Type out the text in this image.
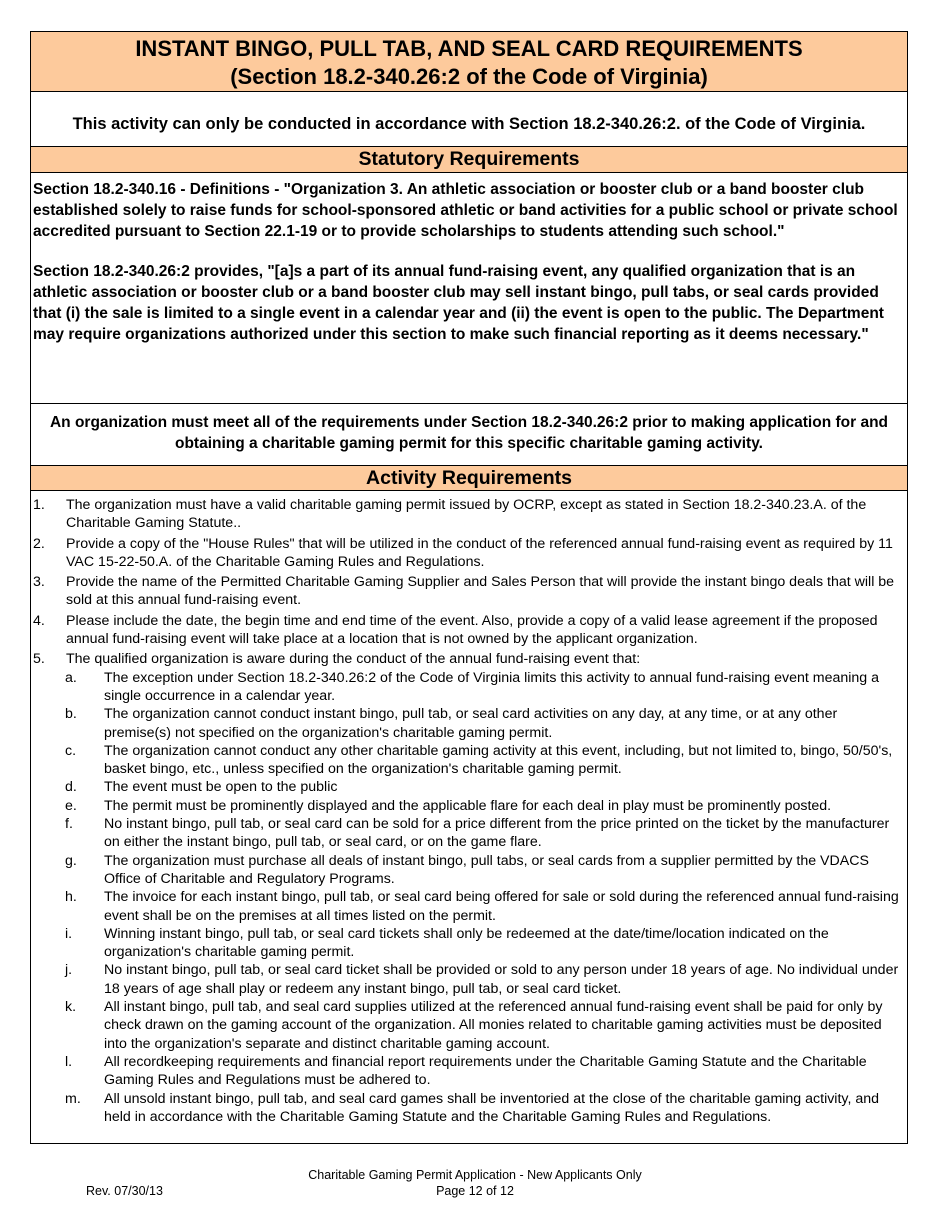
INSTANT BINGO, PULL TAB, AND SEAL CARD REQUIREMENTS
(Section 18.2-340.26:2 of the Code of Virginia)
This activity can only be conducted in accordance with Section 18.2-340.26:2. of the Code of Virginia.
Statutory Requirements

Section 18.2-340.16 - Definitions - "Organization 3. An athletic association or booster club or a band booster club established solely to raise funds for school-sponsored athletic or band activities for a public school or private school accredited pursuant to Section 22.1-19 or to provide scholarships to students attending such school."

Section 18.2-340.26:2 provides, "[a]s a part of its annual fund-raising event, any qualified organization that is an athletic association or booster club or a band booster club may sell instant bingo, pull tabs, or seal cards provided that (i) the sale is limited to a single event in a calendar year and (ii) the event is open to the public. The Department may require organizations authorized under this section to make such financial reporting as it deems necessary."

An organization must meet all of the requirements under Section 18.2-340.26:2 prior to making application for and obtaining a charitable gaming permit for this specific charitable gaming activity.
Activity Requirements
1. The organization must have a valid charitable gaming permit issued by OCRP, except as stated in Section 18.2-340.23.A. of the Charitable Gaming Statute..
2. Provide a copy of the "House Rules" that will be utilized in the conduct of the referenced annual fund-raising event as required by 11 VAC 15-22-50.A. of the Charitable Gaming Rules and Regulations.
3. Provide the name of the Permitted Charitable Gaming Supplier and Sales Person that will provide the instant bingo deals that will be sold at this annual fund-raising event.
4. Please include the date, the begin time and end time of the event. Also, provide a copy of a valid lease agreement if the proposed annual fund-raising event will take place at a location that is not owned by the applicant organization.
5. The qualified organization is aware during the conduct of the annual fund-raising event that:
a. The exception under Section 18.2-340.26:2 of the Code of Virginia limits this activity to annual fund-raising event meaning a single occurrence in a calendar year.
b. The organization cannot conduct instant bingo, pull tab, or seal card activities on any day, at any time, or at any other premise(s) not specified on the organization's charitable gaming permit.
c. The organization cannot conduct any other charitable gaming activity at this event, including, but not limited to, bingo, 50/50's, basket bingo, etc., unless specified on the organization's charitable gaming permit.
d. The event must be open to the public
e. The permit must be prominently displayed and the applicable flare for each deal in play must be prominently posted.
f. No instant bingo, pull tab, or seal card can be sold for a price different from the price printed on the ticket by the manufacturer on either the instant bingo, pull tab, or seal card, or on the game flare.
g. The organization must purchase all deals of instant bingo, pull tabs, or seal cards from a supplier permitted by the VDACS Office of Charitable and Regulatory Programs.
h. The invoice for each instant bingo, pull tab, or seal card being offered for sale or sold during the referenced annual fund-raising event shall be on the premises at all times listed on the permit.
i. Winning instant bingo, pull tab, or seal card tickets shall only be redeemed at the date/time/location indicated on the organization's charitable gaming permit.
j. No instant bingo, pull tab, or seal card ticket shall be provided or sold to any person under 18 years of age. No individual under 18 years of age shall play or redeem any instant bingo, pull tab, or seal card ticket.
k. All instant bingo, pull tab, and seal card supplies utilized at the referenced annual fund-raising event shall be paid for only by check drawn on the gaming account of the organization. All monies related to charitable gaming activities must be deposited into the organization's separate and distinct charitable gaming account.
l. All recordkeeping requirements and financial report requirements under the Charitable Gaming Statute and the Charitable Gaming Rules and Regulations must be adhered to.
m. All unsold instant bingo, pull tab, and seal card games shall be inventoried at the close of the charitable gaming activity, and held in accordance with the Charitable Gaming Statute and the Charitable Gaming Rules and Regulations.
Charitable Gaming Permit Application - New Applicants Only
Page 12 of 12
Rev. 07/30/13
